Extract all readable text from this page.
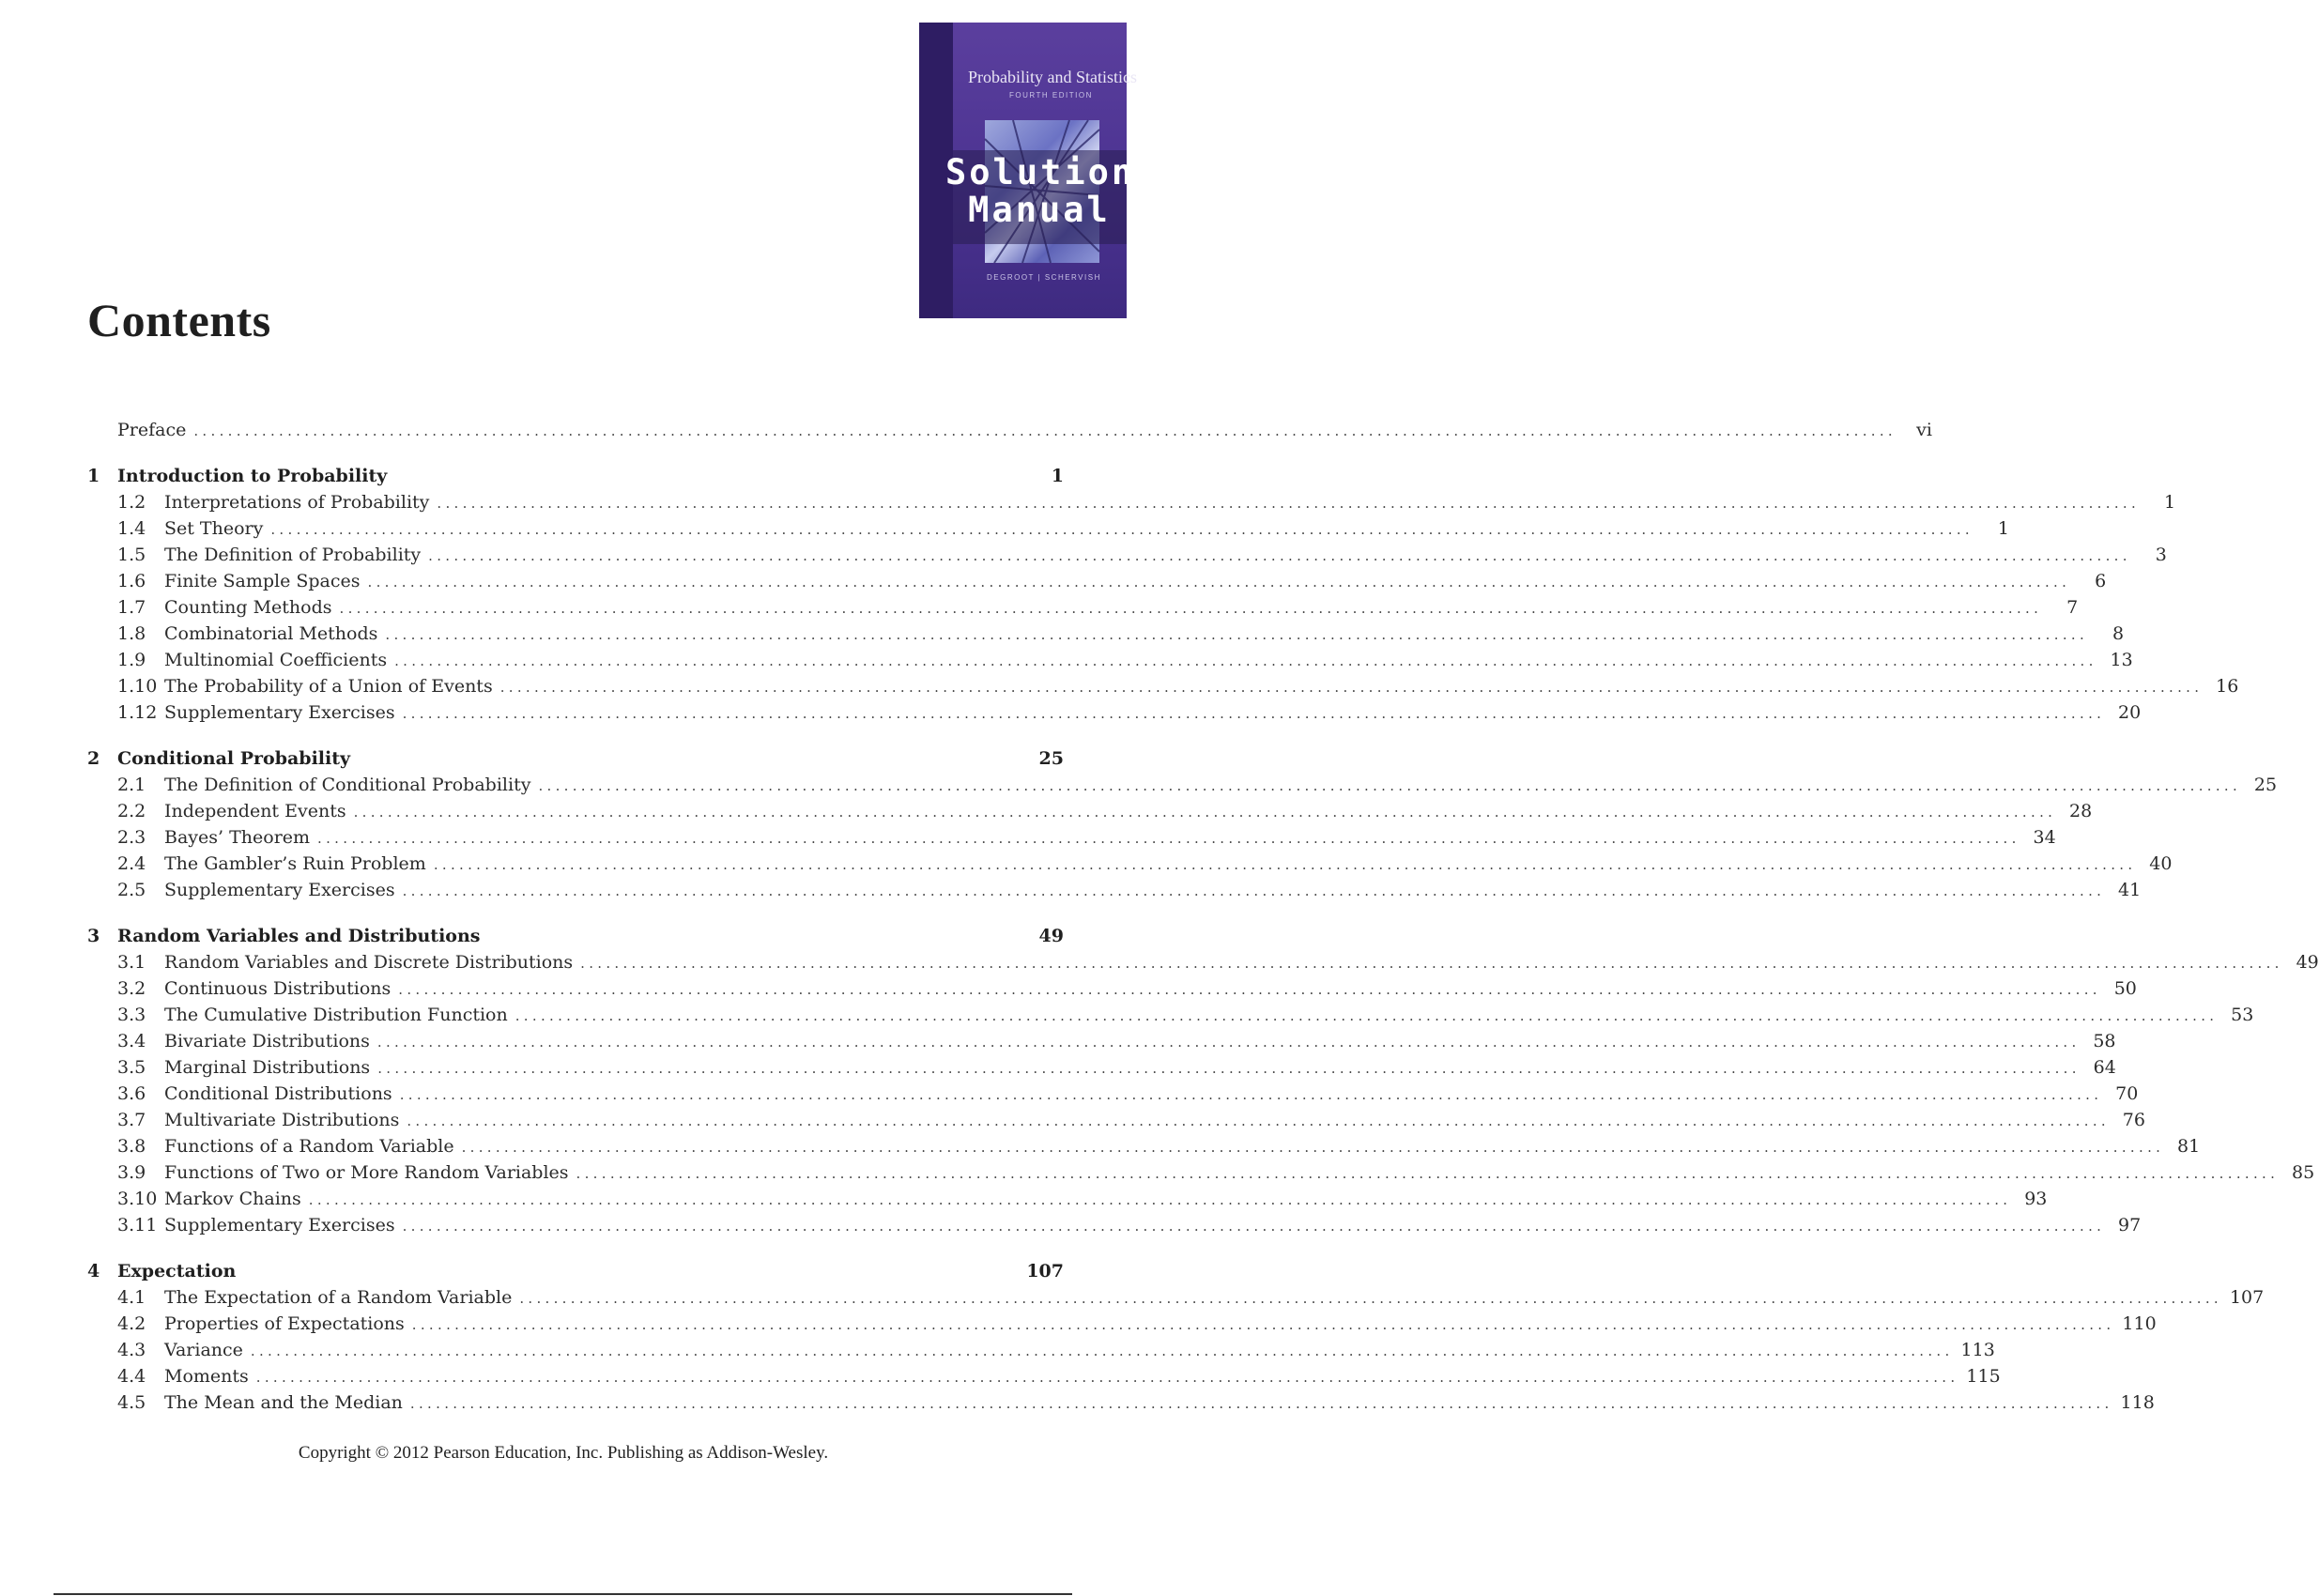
Probability and Statistics
FOURTH EDITION
Solutions
Manual
DEGROOT | SCHERVISH
Contents
Preface ........................................................................................................................................................................................................	vi
1 Introduction to Probability	1
1.2	Interpretations of Probability ........................................................................................................................................................................................................	1
1.4	Set Theory ........................................................................................................................................................................................................	1
1.5	The Definition of Probability ........................................................................................................................................................................................................	3
1.6	Finite Sample Spaces ........................................................................................................................................................................................................	6
1.7	Counting Methods ........................................................................................................................................................................................................	7
1.8	Combinatorial Methods ........................................................................................................................................................................................................	8
1.9	Multinomial Coefficients ........................................................................................................................................................................................................ 13
1.10 The Probability of a Union of Events ........................................................................................................................................................................................................ 16
1.12 Supplementary Exercises ........................................................................................................................................................................................................ 20
2 Conditional Probability	25
2.1	The Definition of Conditional Probability ........................................................................................................................................................................................................ 25
2.2	Independent Events ........................................................................................................................................................................................................ 28
2.3	Bayes’ Theorem ........................................................................................................................................................................................................ 34
2.4	The Gambler’s Ruin Problem ........................................................................................................................................................................................................ 40
2.5	Supplementary Exercises ........................................................................................................................................................................................................ 41
3 Random Variables and Distributions	49
3.1	Random Variables and Discrete Distributions ........................................................................................................................................................................................................ 49
3.2	Continuous Distributions ........................................................................................................................................................................................................ 50
3.3	The Cumulative Distribution Function ........................................................................................................................................................................................................ 53
3.4	Bivariate Distributions ........................................................................................................................................................................................................ 58
3.5	Marginal Distributions ........................................................................................................................................................................................................ 64
3.6	Conditional Distributions ........................................................................................................................................................................................................ 70
3.7	Multivariate Distributions ........................................................................................................................................................................................................ 76
3.8	Functions of a Random Variable ........................................................................................................................................................................................................ 81
3.9	Functions of Two or More Random Variables ........................................................................................................................................................................................................ 85
3.10 Markov Chains ........................................................................................................................................................................................................ 93
3.11 Supplementary Exercises ........................................................................................................................................................................................................ 97
4 Expectation	107
4.1	The Expectation of a Random Variable ........................................................................................................................................................................................................ 107
4.2	Properties of Expectations ........................................................................................................................................................................................................ 110
4.3	Variance ........................................................................................................................................................................................................ 113
4.4	Moments ........................................................................................................................................................................................................ 115
4.5	The Mean and the Median ........................................................................................................................................................................................................ 118
Copyright © 2012 Pearson Education, Inc. Publishing as Addison-Wesley.
